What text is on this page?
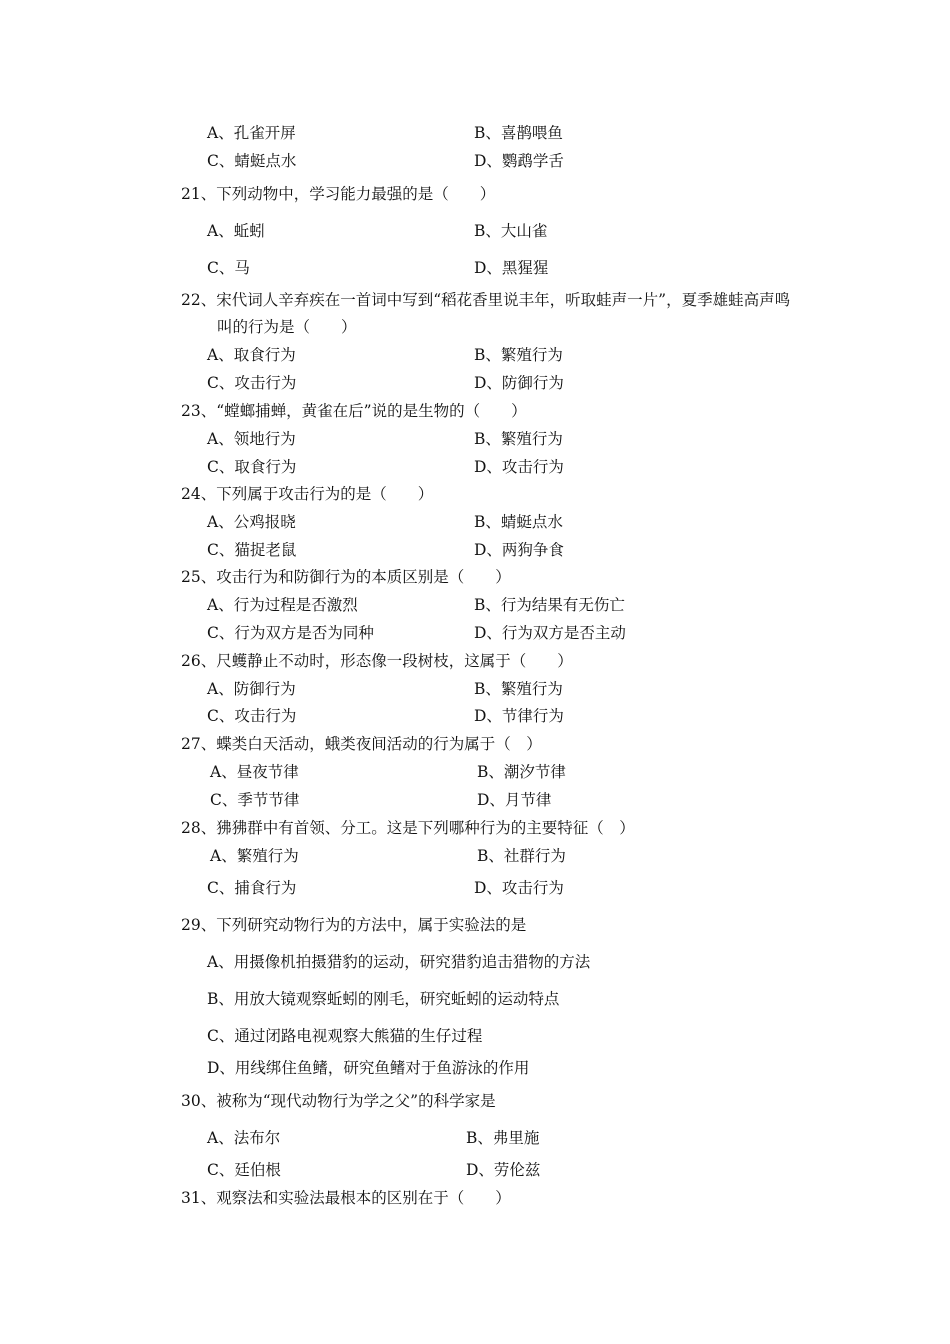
A、孔雀开屏	B、喜鹊喂鱼
C、蜻蜓点水	D、鹦鹉学舌
21、下列动物中，学习能力最强的是（　　）
A、蚯蚓	B、大山雀
C、马	D、黑猩猩
22、宋代词人辛弃疾在一首词中写到“稻花香里说丰年，听取蛙声一片”，夏季雄蛙高声鸣
叫的行为是（　　）
A、取食行为	B、繁殖行为
C、攻击行为	D、防御行为
23、“螳螂捕蝉，黄雀在后”说的是生物的（　　）
A、领地行为	B、繁殖行为
C、取食行为	D、攻击行为
24、下列属于攻击行为的是（　　）
A、公鸡报晓	B、蜻蜓点水
C、猫捉老鼠	D、两狗争食
25、攻击行为和防御行为的本质区别是（　　）
A、行为过程是否激烈	B、行为结果有无伤亡
C、行为双方是否为同种	D、行为双方是否主动
26、尺蠖静止不动时，形态像一段树枝，这属于（　　）
A、防御行为	B、繁殖行为
C、攻击行为	D、节律行为
27、蝶类白天活动，蛾类夜间活动的行为属于（　）
A、昼夜节律	B、潮汐节律
C、季节节律	D、月节律
28、狒狒群中有首领、分工。这是下列哪种行为的主要特征（　）
A、繁殖行为	B、社群行为
C、捕食行为	D、攻击行为
29、下列研究动物行为的方法中，属于实验法的是
A、用摄像机拍摄猎豹的运动，研究猎豹追击猎物的方法
B、用放大镜观察蚯蚓的刚毛，研究蚯蚓的运动特点
C、通过闭路电视观察大熊猫的生仔过程
D、用线绑住鱼鳍，研究鱼鳍对于鱼游泳的作用
30、被称为“现代动物行为学之父”的科学家是
A、法布尔	B、弗里施
C、廷伯根	D、劳伦兹
31、观察法和实验法最根本的区别在于（　　）
